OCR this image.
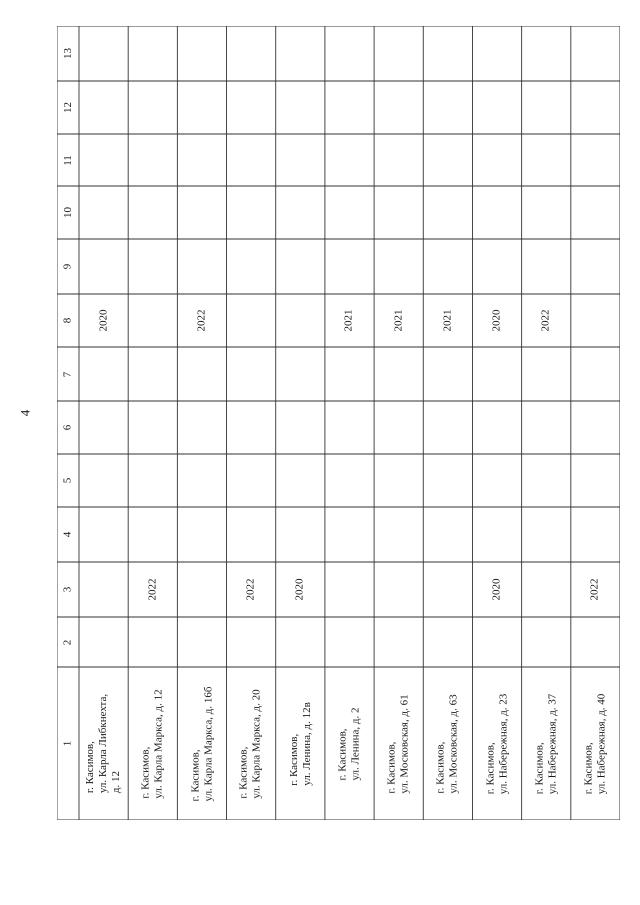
4
1
2
3
4
5
6
7
8
9
10
11
12
13
г. Касимов,
ул. Карла Либкнехта,
д. 12
2020
г. Касимов,
ул. Карла Маркса, д. 12
2022
г. Касимов,
ул. Карла Маркса, д. 16б
2022
г. Касимов,
ул. Карла Маркса, д. 20
2022
г. Касимов,
ул. Ленина, д. 12в
2020
г. Касимов,
ул. Ленина, д. 2
2021
г. Касимов,
ул. Московская, д. 61
2021
г. Касимов,
ул. Московская, д. 63
2021
г. Касимов,
ул. Набережная, д. 23
2020
2020
г. Касимов,
ул. Набережная, д. 37
2022
г. Касимов,
ул. Набережная, д. 40
2022
